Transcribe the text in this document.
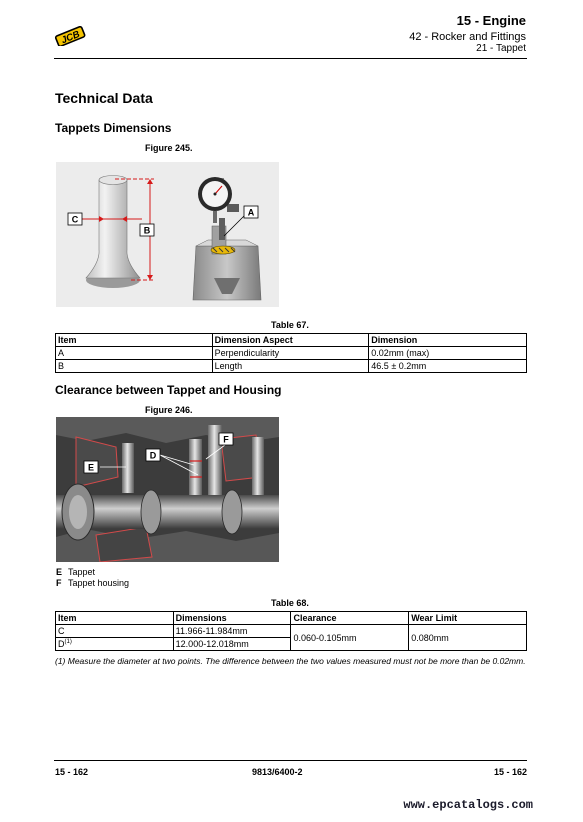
JCB
15 - Engine
42 - Rocker and Fittings
21 - Tappet
Technical Data
Tappets Dimensions
Figure 245.
B
C
A
Table 67.
Item	Dimension Aspect	Dimension
A	Perpendicularity	0.02mm (max)
B	Length	46.5 ± 0.2mm
Clearance between Tappet and Housing
Figure 246.
E
D
F
E Tappet
F Tappet housing
Table 68.
Item	Dimensions	Clearance	Wear Limit
C	11.966-11.984mm	0.060-0.105mm	0.080mm
$D^{(1)}$	12.000-12.018mm		
(1) Measure the diameter at two points. The difference between the two values measured must not be more than be 0.02mm.
15 - 162	9813/6400-2	15 - 162
www.epcatalogs.com
